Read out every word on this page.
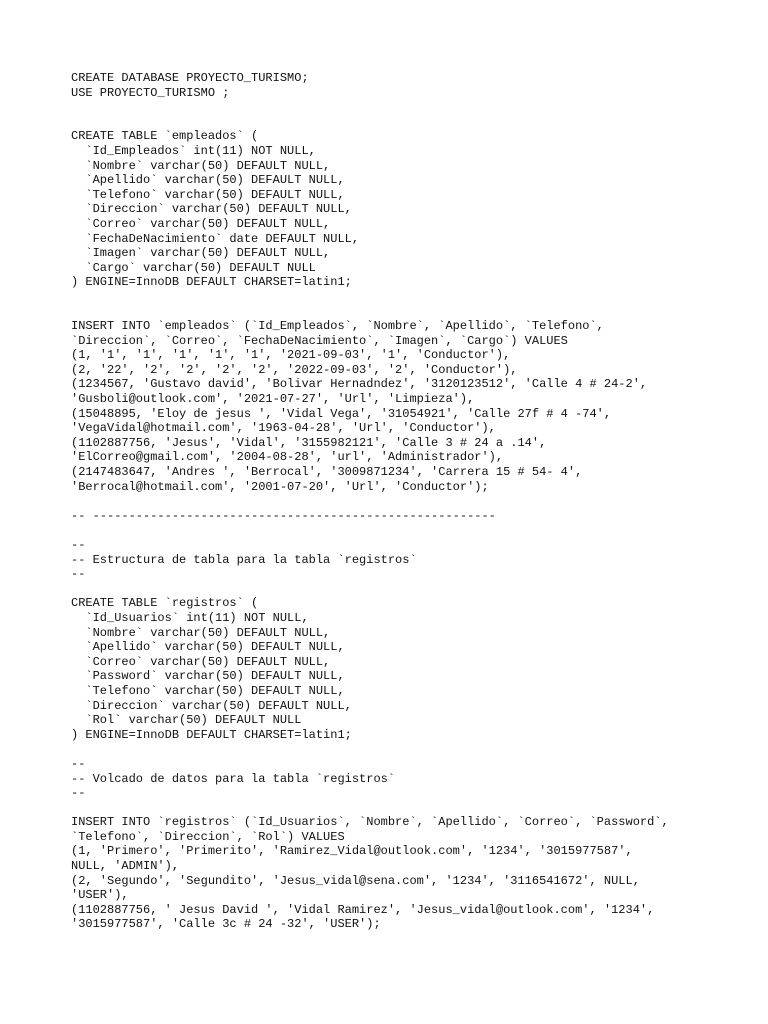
CREATE DATABASE PROYECTO_TURISMO;
USE PROYECTO_TURISMO ;
CREATE TABLE `empleados` (
`Id_Empleados` int(11) NOT NULL,
`Nombre` varchar(50) DEFAULT NULL,
`Apellido` varchar(50) DEFAULT NULL,
`Telefono` varchar(50) DEFAULT NULL,
`Direccion` varchar(50) DEFAULT NULL,
`Correo` varchar(50) DEFAULT NULL,
`FechaDeNacimiento` date DEFAULT NULL,
`Imagen` varchar(50) DEFAULT NULL,
`Cargo` varchar(50) DEFAULT NULL
) ENGINE=InnoDB DEFAULT CHARSET=latin1;
INSERT INTO `empleados` (`Id_Empleados`, `Nombre`, `Apellido`, `Telefono`,
`Direccion`, `Correo`, `FechaDeNacimiento`, `Imagen`, `Cargo`) VALUES
(1, '1', '1', '1', '1', '1', '2021-09-03', '1', 'Conductor'),
(2, '22', '2', '2', '2', '2', '2022-09-03', '2', 'Conductor'),
(1234567, 'Gustavo david', 'Bolivar Hernadndez', '3120123512', 'Calle 4 # 24-2',
'Gusboli@outlook.com', '2021-07-27', 'Url', 'Limpieza'),
(15048895, 'Eloy de jesus ', 'Vidal Vega', '31054921', 'Calle 27f # 4 -74',
'VegaVidal@hotmail.com', '1963-04-28', 'Url', 'Conductor'),
(1102887756, 'Jesus', 'Vidal', '3155982121', 'Calle 3 # 24 a .14',
'ElCorreo@gmail.com', '2004-08-28', 'url', 'Administrador'),
(2147483647, 'Andres ', 'Berrocal', '3009871234', 'Carrera 15 # 54- 4',
'Berrocal@hotmail.com', '2001-07-20', 'Url', 'Conductor');
-- --------------------------------------------------------
--
-- Estructura de tabla para la tabla `registros`
--
CREATE TABLE `registros` (
`Id_Usuarios` int(11) NOT NULL,
`Nombre` varchar(50) DEFAULT NULL,
`Apellido` varchar(50) DEFAULT NULL,
`Correo` varchar(50) DEFAULT NULL,
`Password` varchar(50) DEFAULT NULL,
`Telefono` varchar(50) DEFAULT NULL,
`Direccion` varchar(50) DEFAULT NULL,
`Rol` varchar(50) DEFAULT NULL
) ENGINE=InnoDB DEFAULT CHARSET=latin1;
--
-- Volcado de datos para la tabla `registros`
--
INSERT INTO `registros` (`Id_Usuarios`, `Nombre`, `Apellido`, `Correo`, `Password`,
`Telefono`, `Direccion`, `Rol`) VALUES
(1, 'Primero', 'Primerito', 'Ramirez_Vidal@outlook.com', '1234', '3015977587',
NULL, 'ADMIN'),
(2, 'Segundo', 'Segundito', 'Jesus_vidal@sena.com', '1234', '3116541672', NULL,
'USER'),
(1102887756, ' Jesus David ', 'Vidal Ramirez', 'Jesus_vidal@outlook.com', '1234',
'3015977587', 'Calle 3c # 24 -32', 'USER');
